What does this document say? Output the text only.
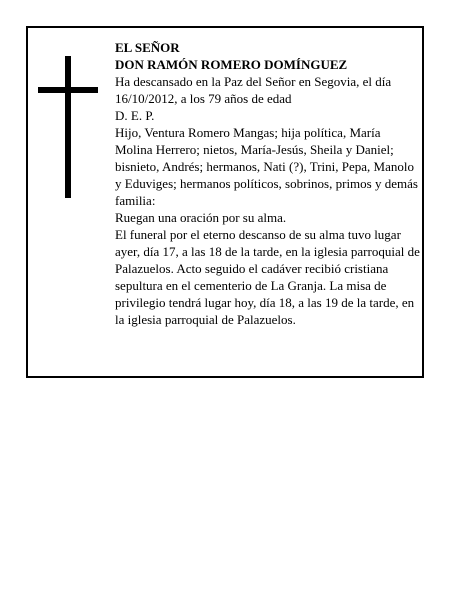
EL SEÑOR

DON RAMÓN ROMERO DOMÍNGUEZ

Ha descansado en la Paz del Señor en Segovia, el día 16/10/2012, a los 79 años de edad

D. E. P.

Hijo, Ventura Romero Mangas; hija política, María Molina Herrero; nietos, María-Jesús, Sheila y Daniel; bisnieto, Andrés; hermanos, Nati (?), Trini, Pepa, Manolo y Eduviges; hermanos políticos, sobrinos, primos y demás familia:

Ruegan una oración por su alma.

El funeral por el eterno descanso de su alma tuvo lugar ayer, día 17, a las 18 de la tarde, en la iglesia parroquial de Palazuelos. Acto seguido el cadáver recibió cristiana sepultura en el cementerio de La Granja. La misa de privilegio tendrá lugar hoy, día 18, a las 19 de la tarde, en la iglesia parroquial de Palazuelos.
